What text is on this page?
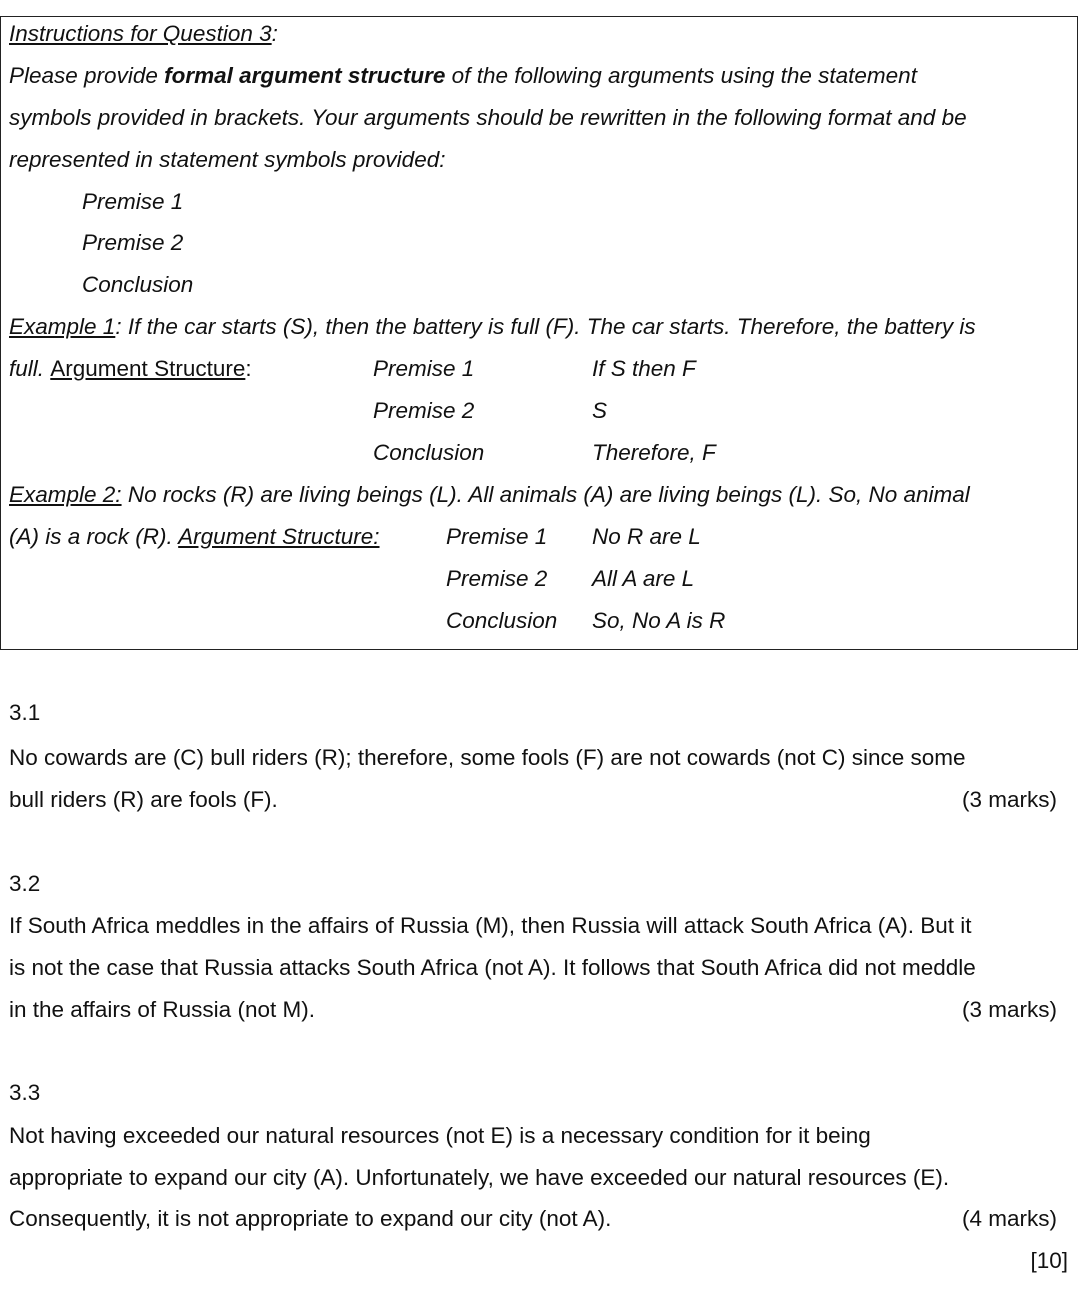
Instructions for Question 3:
Please provide formal argument structure of the following arguments using the statement
symbols provided in brackets. Your arguments should be rewritten in the following format and be
represented in statement symbols provided:
Premise 1
Premise 2
Conclusion
Example 1: If the car starts (S), then the battery is full (F). The car starts. Therefore, the battery is
full. Argument Structure:	Premise 1	If S then F
Premise 2	S
Conclusion	Therefore, F
Example 2: No rocks (R) are living beings (L). All animals (A) are living beings (L). So, No animal
(A) is a rock (R). Argument Structure:	Premise 1 No R are L
Premise 2 All A are L
Conclusion So, No A is R
3.1
No cowards are (C) bull riders (R); therefore, some fools (F) are not cowards (not C) since some
bull riders (R) are fools (F).	(3 marks)
3.2
If South Africa meddles in the affairs of Russia (M), then Russia will attack South Africa (A). But it
is not the case that Russia attacks South Africa (not A). It follows that South Africa did not meddle
in the affairs of Russia (not M).	(3 marks)
3.3
Not having exceeded our natural resources (not E) is a necessary condition for it being
appropriate to expand our city (A). Unfortunately, we have exceeded our natural resources (E).
Consequently, it is not appropriate to expand our city (not A).	(4 marks)
[10]
